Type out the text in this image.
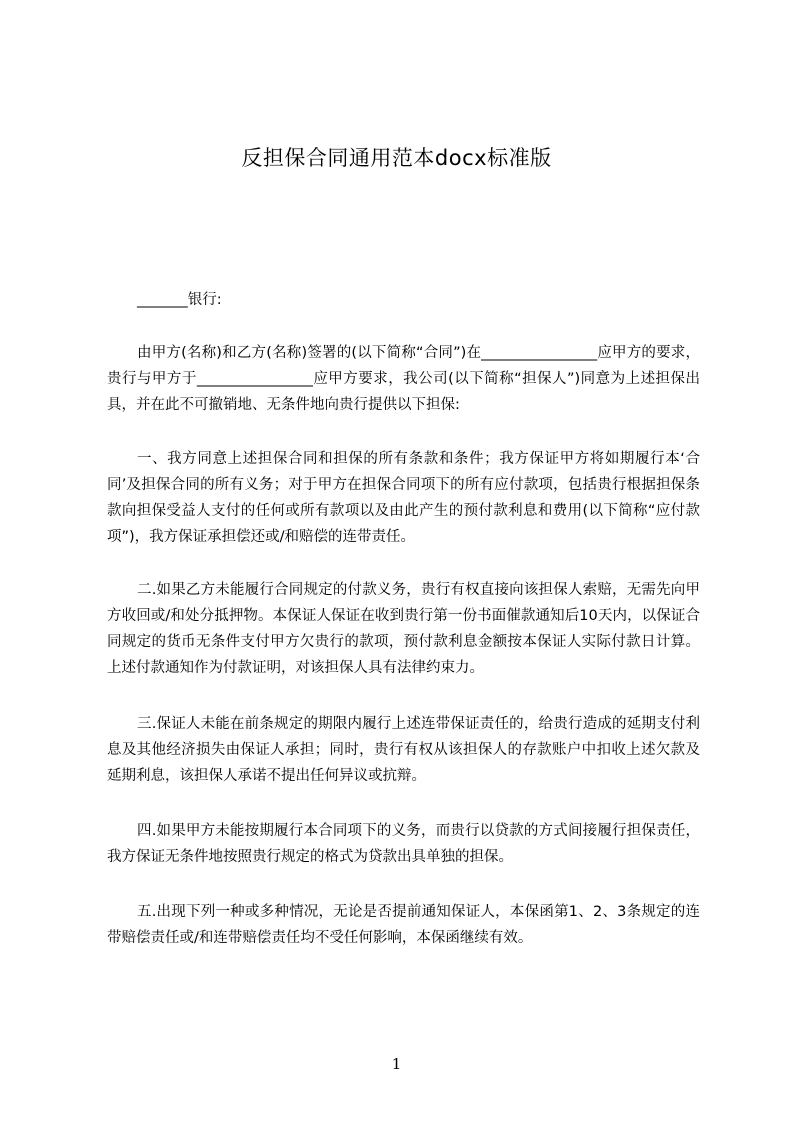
反担保合同通用范本docx标准版

_______银行:

由甲方(名称)和乙方(名称)签署的(以下简称“合同”)在________________应甲方的要求，贵行与甲方于________________应甲方要求，我公司(以下简称“担保人”)同意为上述担保出具，并在此不可撤销地、无条件地向贵行提供以下担保:

一、我方同意上述担保合同和担保的所有条款和条件；我方保证甲方将如期履行本‘合同’及担保合同的所有义务；对于甲方在担保合同项下的所有应付款项，包括贵行根据担保条款向担保受益人支付的任何或所有款项以及由此产生的预付款利息和费用(以下简称“应付款项”)，我方保证承担偿还或/和赔偿的连带责任。

二.如果乙方未能履行合同规定的付款义务，贵行有权直接向该担保人索赔，无需先向甲方收回或/和处分抵押物。本保证人保证在收到贵行第一份书面催款通知后10天内，以保证合同规定的货币无条件支付甲方欠贵行的款项，预付款利息金额按本保证人实际付款日计算。上述付款通知作为付款证明，对该担保人具有法律约束力。

三.保证人未能在前条规定的期限内履行上述连带保证责任的，给贵行造成的延期支付利息及其他经济损失由保证人承担；同时，贵行有权从该担保人的存款账户中扣收上述欠款及延期利息，该担保人承诺不提出任何异议或抗辩。

四.如果甲方未能按期履行本合同项下的义务，而贵行以贷款的方式间接履行担保责任，我方保证无条件地按照贵行规定的格式为贷款出具单独的担保。

五.出现下列一种或多种情况，无论是否提前通知保证人，本保函第1、2、3条规定的连带赔偿责任或/和连带赔偿责任均不受任何影响，本保函继续有效。

1
